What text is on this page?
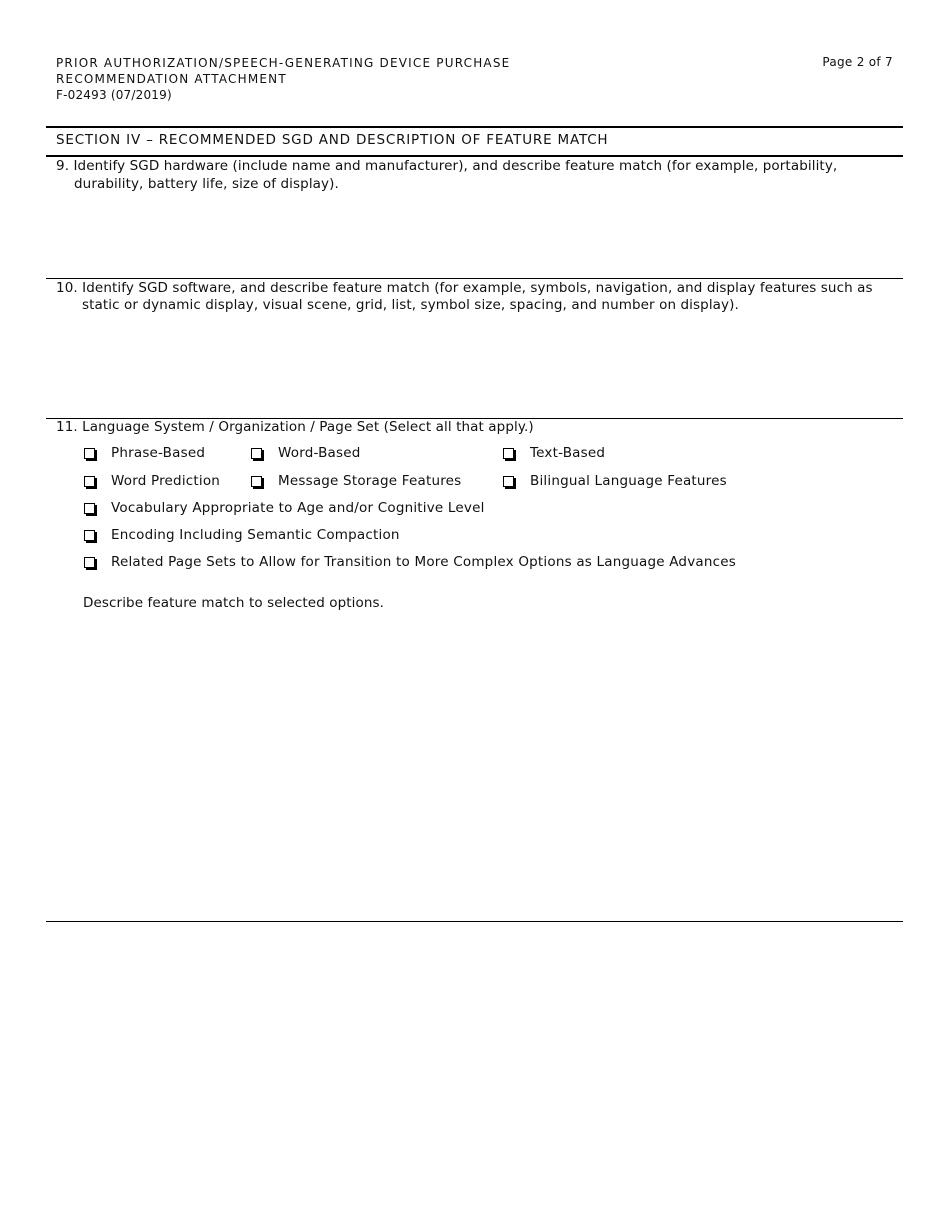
PRIOR AUTHORIZATION/SPEECH-GENERATING DEVICE PURCHASE
RECOMMENDATION ATTACHMENT
F-02493 (07/2019)
Page 2 of 7
SECTION IV – RECOMMENDED SGD AND DESCRIPTION OF FEATURE MATCH
9. Identify SGD hardware (include name and manufacturer), and describe feature match (for example, portability,
durability, battery life, size of display).
10. Identify SGD software, and describe feature match (for example, symbols, navigation, and display features such as
static or dynamic display, visual scene, grid, list, symbol size, spacing, and number on display).
11. Language System / Organization / Page Set (Select all that apply.)
Phrase-Based	Word-Based	Text-Based
Word Prediction	Message Storage Features	Bilingual Language Features
Vocabulary Appropriate to Age and/or Cognitive Level
Encoding Including Semantic Compaction
Related Page Sets to Allow for Transition to More Complex Options as Language Advances
Describe feature match to selected options.
